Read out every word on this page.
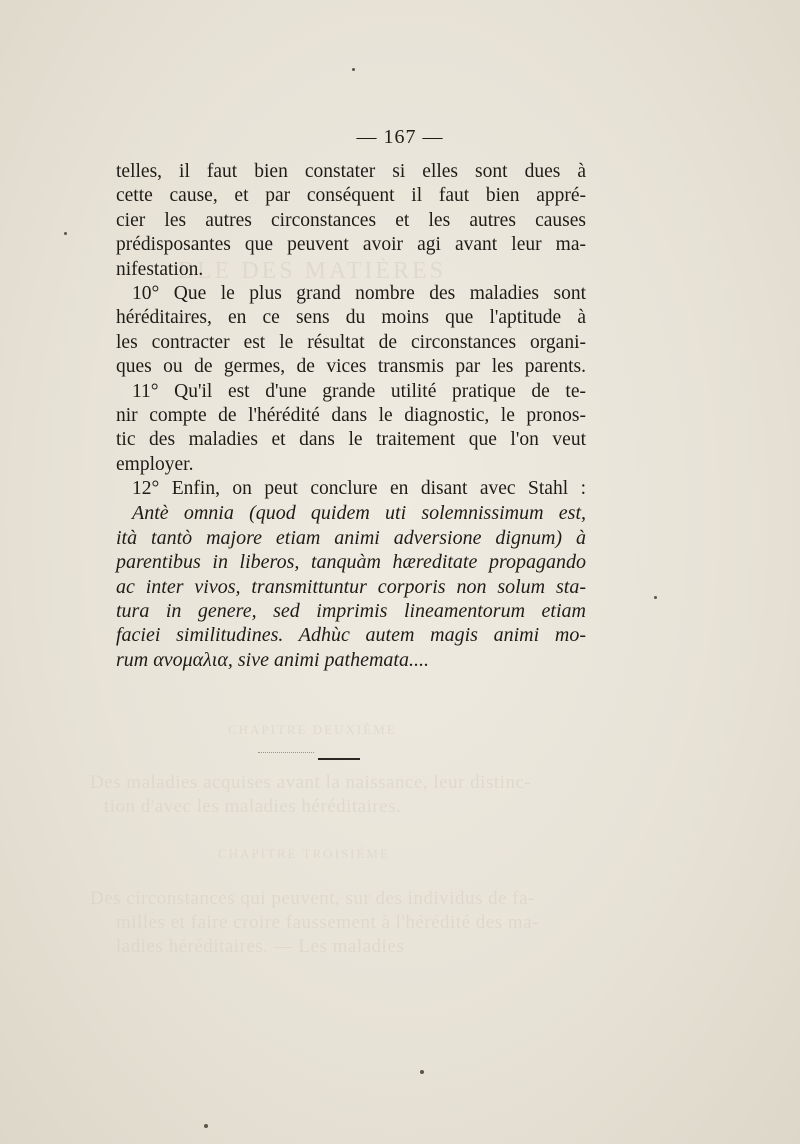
BLE DES MATIÈRES
CHAPITRE DEUXIÈME
Des maladies acquises avant la naissance, leur distinc-
tion d'avec les maladies héréditaires.
CHAPITRE TROISIÈME
Des circonstances qui peuvent, sur des individus de fa-
milles et faire croire faussement à l'hérédité des ma-
ladies héréditaires. — Les maladies
— 167 —
telles, il faut bien constater si elles sont dues à
cette cause, et par conséquent il faut bien appré-
cier les autres circonstances et les autres causes
prédisposantes que peuvent avoir agi avant leur ma-
nifestation.
10° Que le plus grand nombre des maladies sont
héréditaires, en ce sens du moins que l'aptitude à
les contracter est le résultat de circonstances organi-
ques ou de germes, de vices transmis par les parents.
11° Qu'il est d'une grande utilité pratique de te-
nir compte de l'hérédité dans le diagnostic, le pronos-
tic des maladies et dans le traitement que l'on veut
employer.
12° Enfin, on peut conclure en disant avec Stahl :
Antè omnia (quod quidem uti solemnissimum est,
ità tantò majore etiam animi adversione dignum) à
parentibus in liberos, tanquàm hæreditate propagando
ac inter vivos, transmittuntur corporis non solum sta-
tura in genere, sed imprimis lineamentorum etiam
faciei similitudines. Adhùc autem magis animi mo-
rum ανομαλια, sive animi pathemata....
